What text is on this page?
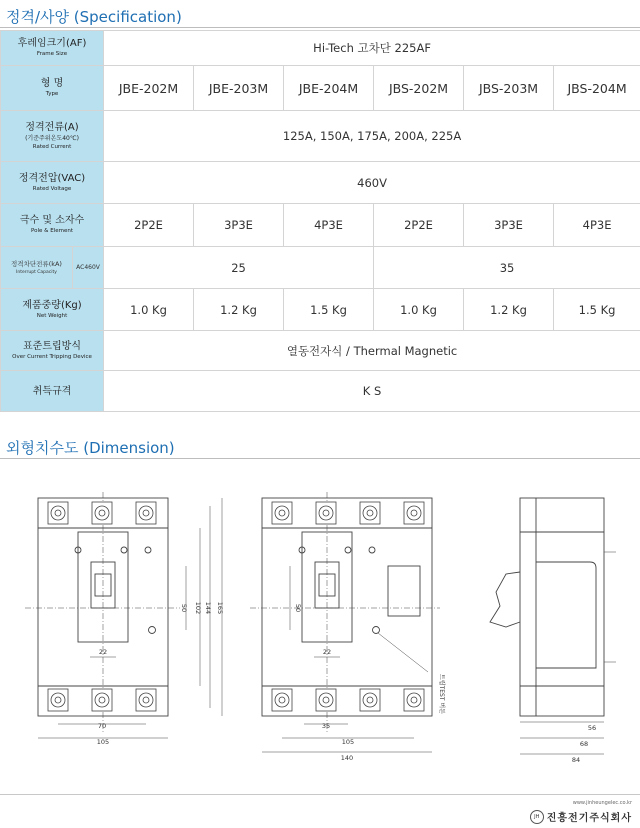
정격/사양 (Specification)
후레임크기(AF)
Frame Size		Hi-Tech 고차단 225AF					

형 명
Type		JBE-202M	JBE-203M	JBE-204M	JBS-202M	JBS-203M	JBS-204M

정격전류(A)
(기준주위온도40℃)
Rated Current		125A, 150A, 175A, 200A, 225A					

정격전압(VAC)
Rated Voltage		460V					

극수 및 소자수
Pole & Element		2P2E	3P3E	4P3E	2P2E	3P3E	4P3E

정격차단전류(kA)
Interrupt Capacity	AC460V	25			35		

제품중량(Kg)
Net Weight		1.0 Kg	1.2 Kg	1.5 Kg	1.0 Kg	1.2 Kg	1.5 Kg

표준트립방식
Over Current Tripping Device		열동전자식 / Thermal Magnetic					

취득규격		K S					
외형치수도 (Dimension)
22
70
105
50 102 144 165
22
35
105
140
50
트립TEST 버튼
56
68
84
www.jinheungelec.co.kr
JH 진흥전기주식회사
